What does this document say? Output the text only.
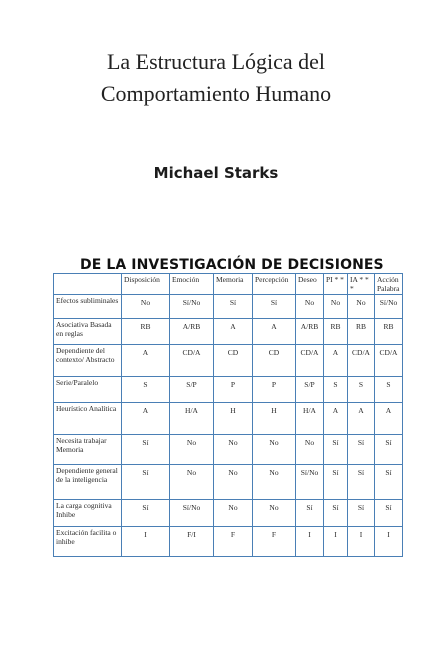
La Estructura Lógica del
Comportamiento Humano
Michael Starks
DE LA INVESTIGACIÓN DE DECISIONES
	Disposición	Emoción	Memoria	Percepción	Deseo	PI * *	IA * * *	Acción Palabra
Efectos subliminales	No	Sí/No	Sí	Sí	No	No	No	Sí/No
Asociativa Basada en reglas	RB	A/RB	A	A	A/RB	RB	RB	RB
Dependiente del contexto/ Abstracto	A	CD/A	CD	CD	CD/A	A	CD/A	CD/A
Serie/Paralelo	S	S/P	P	P	S/P	S	S	S
Heurístico Analítica	A	H/A	H	H	H/A	A	A	A
Necesita trabajar Memoria	Sí	No	No	No	No	Sí	Sí	Sí
Dependiente general de la inteligencia	Sí	No	No	No	Sí/No	Sí	Sí	Sí
La carga cognitiva Inhibe	Sí	Sí/No	No	No	Sí	Sí	Sí	Sí
Excitación facilita o inhibe	I	F/I	F	F	I	I	I	I
